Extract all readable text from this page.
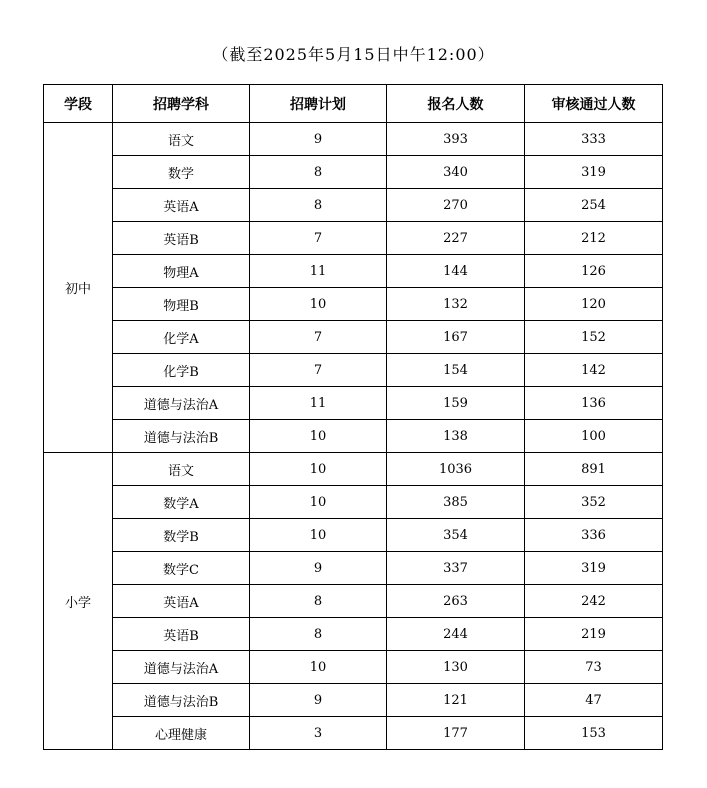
（截至2025年5月15日中午12:00）
学段	招聘学科	招聘计划	报名人数	审核通过人数
初中	语文	9	393	333
	数学	8	340	319
	英语A	8	270	254
	英语B	7	227	212
	物理A	11	144	126
	物理B	10	132	120
	化学A	7	167	152
	化学B	7	154	142
	道德与法治A	11	159	136
	道德与法治B	10	138	100
小学	语文	10	1036	891
	数学A	10	385	352
	数学B	10	354	336
	数学C	9	337	319
	英语A	8	263	242
	英语B	8	244	219
	道德与法治A	10	130	73
	道德与法治B	9	121	47
	心理健康	3	177	153
